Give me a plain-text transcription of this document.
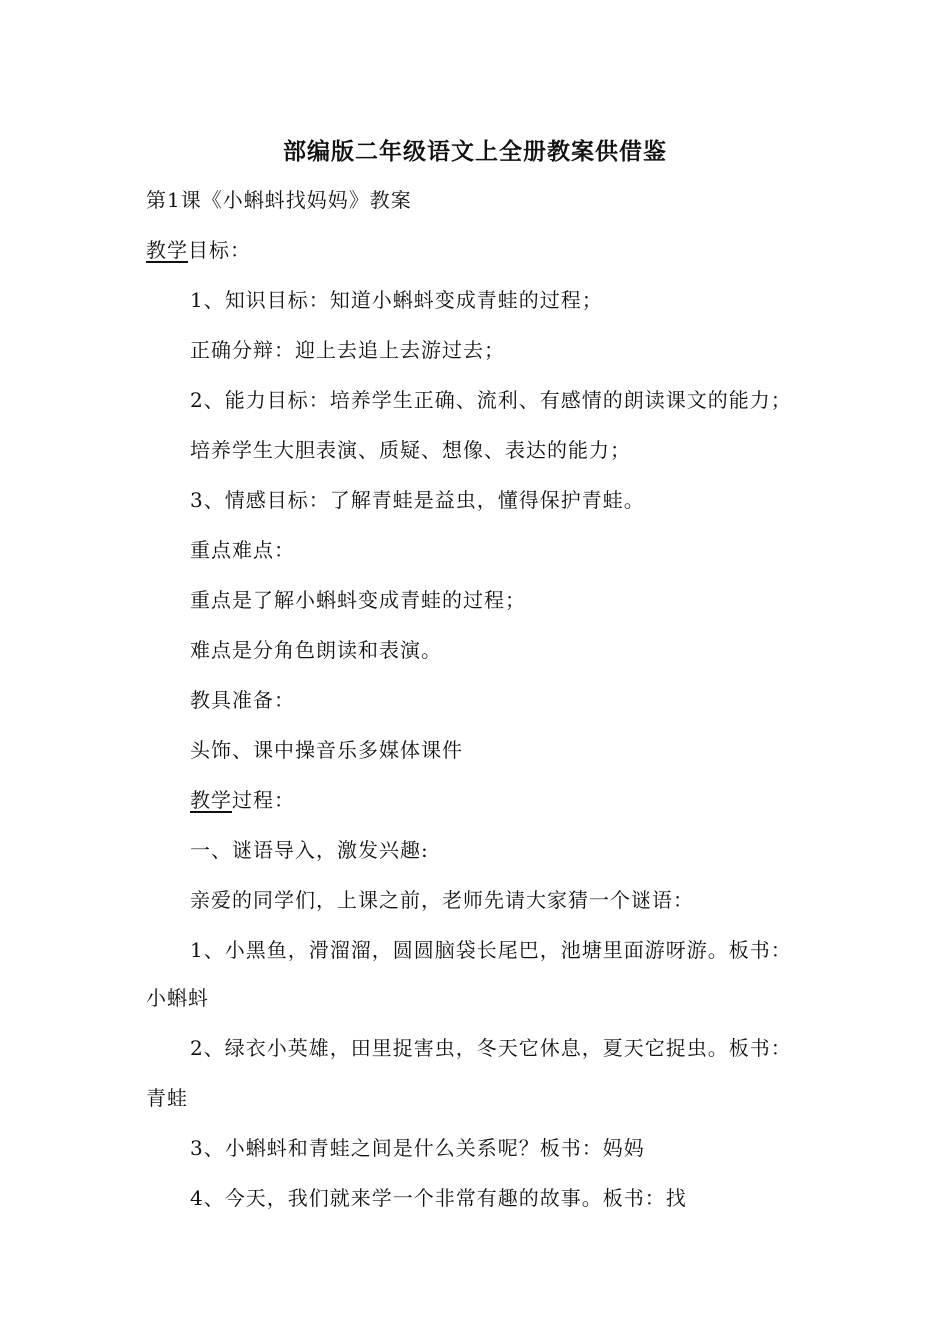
部编版二年级语文上全册教案供借鉴
第1课《小蝌蚪找妈妈》教案
教学目标：
1、知识目标：知道小蝌蚪变成青蛙的过程；
正确分辩：迎上去追上去游过去；
2、能力目标：培养学生正确、流利、有感情的朗读课文的能力；
培养学生大胆表演、质疑、想像、表达的能力；
3、情感目标：了解青蛙是益虫，懂得保护青蛙。
重点难点：
重点是了解小蝌蚪变成青蛙的过程；
难点是分角色朗读和表演。
教具准备：
头饰、课中操音乐多媒体课件
教学过程：
一、谜语导入，激发兴趣:
亲爱的同学们，上课之前，老师先请大家猜一个谜语：
1、小黑鱼，滑溜溜，圆圆脑袋长尾巴，池塘里面游呀游。板书：
小蝌蚪
2、绿衣小英雄，田里捉害虫，冬天它休息，夏天它捉虫。板书：
青蛙
3、小蝌蚪和青蛙之间是什么关系呢？板书：妈妈
4、今天，我们就来学一个非常有趣的故事。板书：找
